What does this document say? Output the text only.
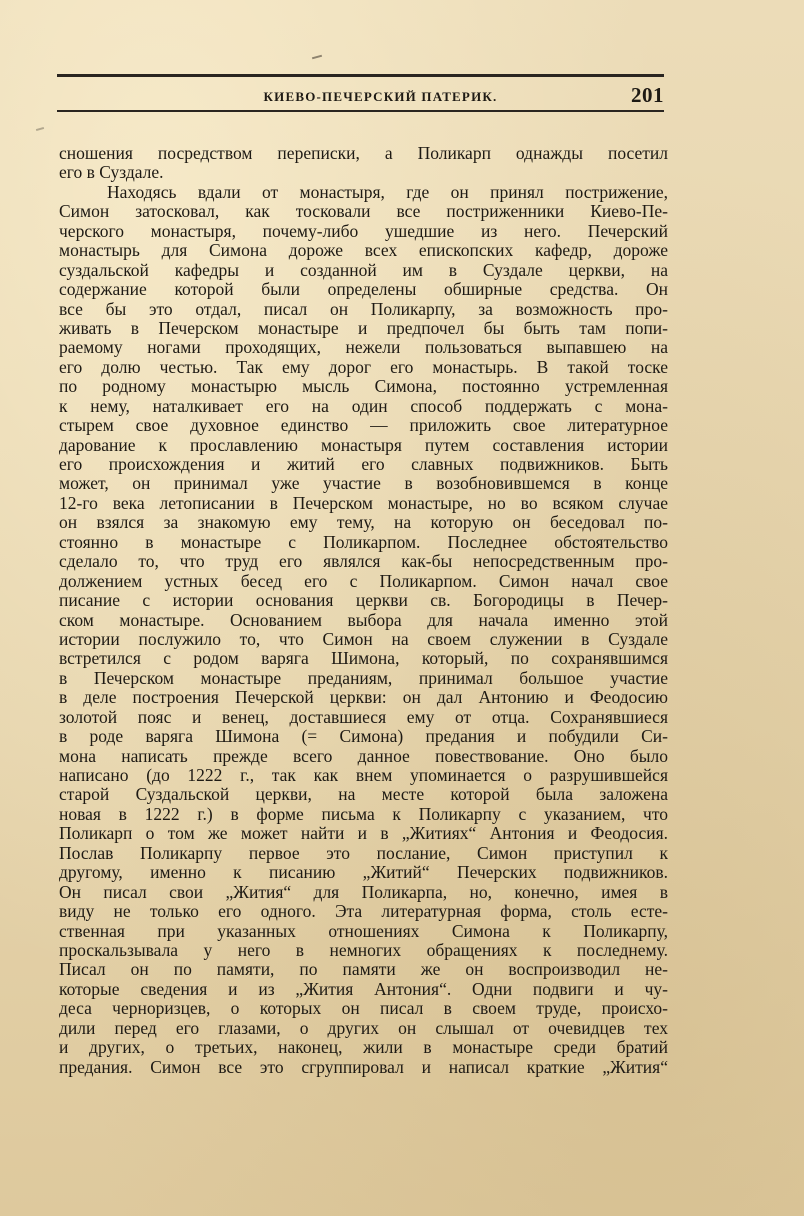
КИЕВО-ПЕЧЕРСКИЙ ПАТЕРИК.	201
сношения посредством переписки, а Поликарп однажды посетил
его в Суздале.
Находясь вдали от монастыря, где он принял пострижение,
Симон затосковал, как тосковали все постриженники Киево-Пе-
черского монастыря, почему-либо ушедшие из него. Печерский
монастырь для Симона дороже всех епископских кафедр, дороже
суздальской кафедры и созданной им в Суздале церкви, на
содержание которой были определены обширные средства. Он
все бы это отдал, писал он Поликарпу, за возможность про-
живать в Печерском монастыре и предпочел бы быть там попи-
раемому ногами проходящих, нежели пользоваться выпавшею на
его долю честью. Так ему дорог его монастырь. В такой тоске
по родному монастырю мысль Симона, постоянно устремленная
к нему, наталкивает его на один способ поддержать с мона-
стырем свое духовное единство — приложить свое литературное
дарование к прославлению монастыря путем составления истории
его происхождения и житий его славных подвижников. Быть
может, он принимал уже участие в возобновившемся в конце
12-го века летописании в Печерском монастыре, но во всяком случае
он взялся за знакомую ему тему, на которую он беседовал по-
стоянно в монастыре с Поликарпом. Последнее обстоятельство
сделало то, что труд его являлся как-бы непосредственным про-
должением устных бесед его с Поликарпом. Симон начал свое
писание с истории основания церкви св. Богородицы в Печер-
ском монастыре. Основанием выбора для начала именно этой
истории послужило то, что Симон на своем служении в Суздале
встретился с родом варяга Шимона, который, по сохранявшимся
в Печерском монастыре преданиям, принимал большое участие
в деле построения Печерской церкви: он дал Антонию и Феодосию
золотой пояс и венец, доставшиеся ему от отца. Сохранявшиеся
в роде варяга Шимона (= Симона) предания и побудили Си-
мона написать прежде всего данное повествование. Оно было
написано (до 1222 г., так как внем упоминается о разрушившейся
старой Суздальской церкви, на месте которой была заложена
новая в 1222 г.) в форме письма к Поликарпу с указанием, что
Поликарп о том же может найти и в „Житиях“ Антония и Феодосия.
Послав Поликарпу первое это послание, Симон приступил к
другому, именно к писанию „Житий“ Печерских подвижников.
Он писал свои „Жития“ для Поликарпа, но, конечно, имея в
виду не только его одного. Эта литературная форма, столь есте-
ственная при указанных отношениях Симона к Поликарпу,
проскальзывала у него в немногих обращениях к последнему.
Писал он по памяти, по памяти же он воспроизводил не-
которые сведения и из „Жития Антония“. Одни подвиги и чу-
деса черноризцев, о которых он писал в своем труде, происхо-
дили перед его глазами, о других он слышал от очевидцев тех
и других, о третьих, наконец, жили в монастыре среди братий
предания. Симон все это сгруппировал и написал краткие „Жития“
